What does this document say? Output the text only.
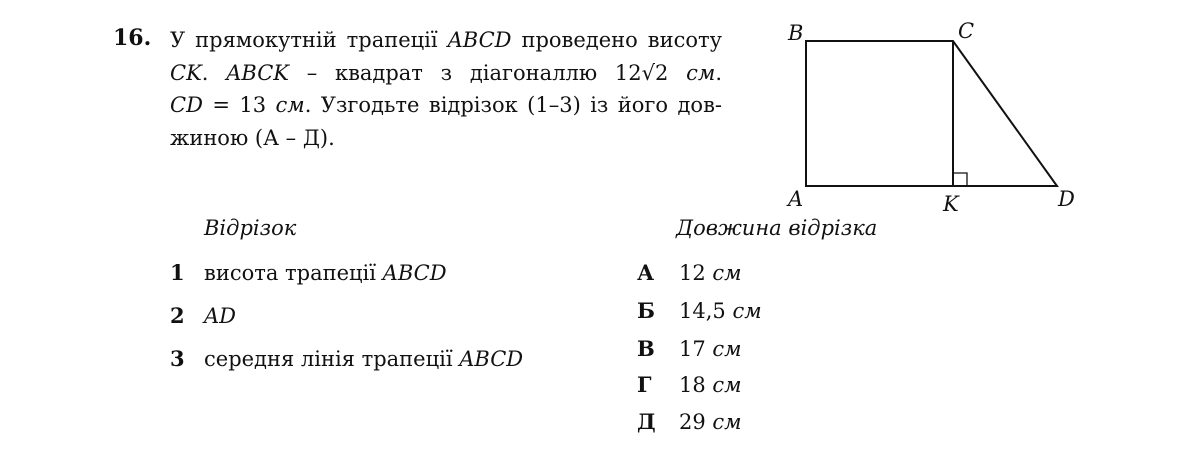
16. У прямокутній трапеції ABCD проведено висоту
CK. ABCK – квадрат з діагоналлю 12√2 см.
CD = 13 см. Узгодьте відрізок (1–3) із його дов-
жиною (А – Д).
B	C
A	K	D
Відрізок	Довжина відрізка
1 висота трапеції ABCD
2 AD
3 середня лінія трапеції ABCD
А 12 см
Б 14,5 см
В 17 см
Г 18 см
Д 29 см
